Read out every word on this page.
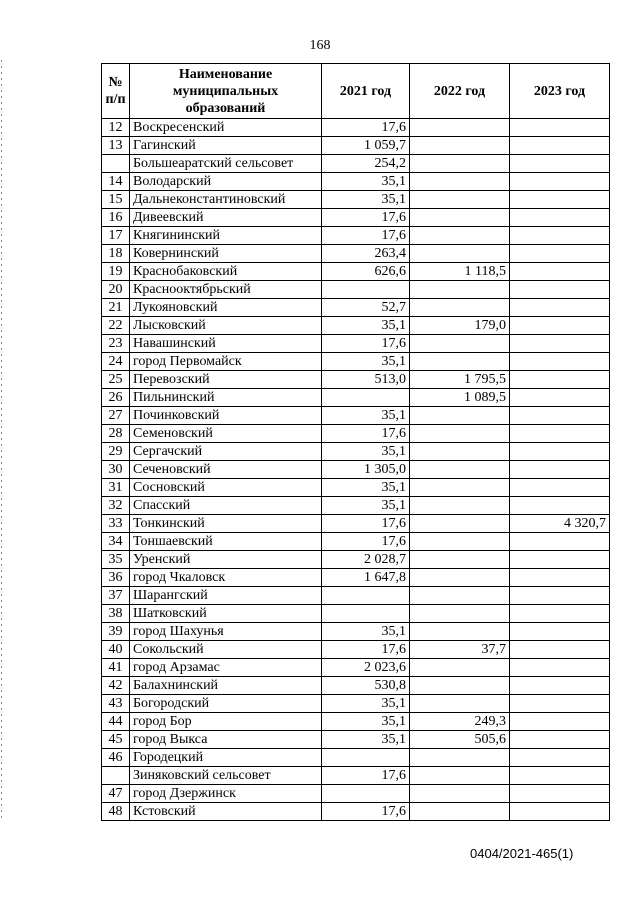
168
№ п/п	Наименование муниципальных образований	2021 год	2022 год	2023 год
12	Воскресенский	17,6		
13	Гагинский	1 059,7		
	Большеаратский сельсовет	254,2		
14	Володарский	35,1		
15	Дальнеконстантиновский	35,1		
16	Дивеевский	17,6		
17	Княгининский	17,6		
18	Ковернинский	263,4		
19	Краснобаковский	626,6	1 118,5	
20	Краснооктябрьский			
21	Лукояновский	52,7		
22	Лысковский	35,1	179,0	
23	Навашинский	17,6		
24	город Первомайск	35,1		
25	Перевозский	513,0	1 795,5	
26	Пильнинский		1 089,5	
27	Починковский	35,1		
28	Семеновский	17,6		
29	Сергачский	35,1		
30	Сеченовский	1 305,0		
31	Сосновский	35,1		
32	Спасский	35,1		
33	Тонкинский	17,6		4 320,7
34	Тоншаевский	17,6		
35	Уренский	2 028,7		
36	город Чкаловск	1 647,8		
37	Шарангский			
38	Шатковский			
39	город Шахунья	35,1		
40	Сокольский	17,6	37,7	
41	город Арзамас	2 023,6		
42	Балахнинский	530,8		
43	Богородский	35,1		
44	город Бор	35,1	249,3	
45	город Выкса	35,1	505,6	
46	Городецкий			
	Зиняковский сельсовет	17,6		
47	город Дзержинск			
48	Кстовский	17,6		
0404/2021-465(1)
